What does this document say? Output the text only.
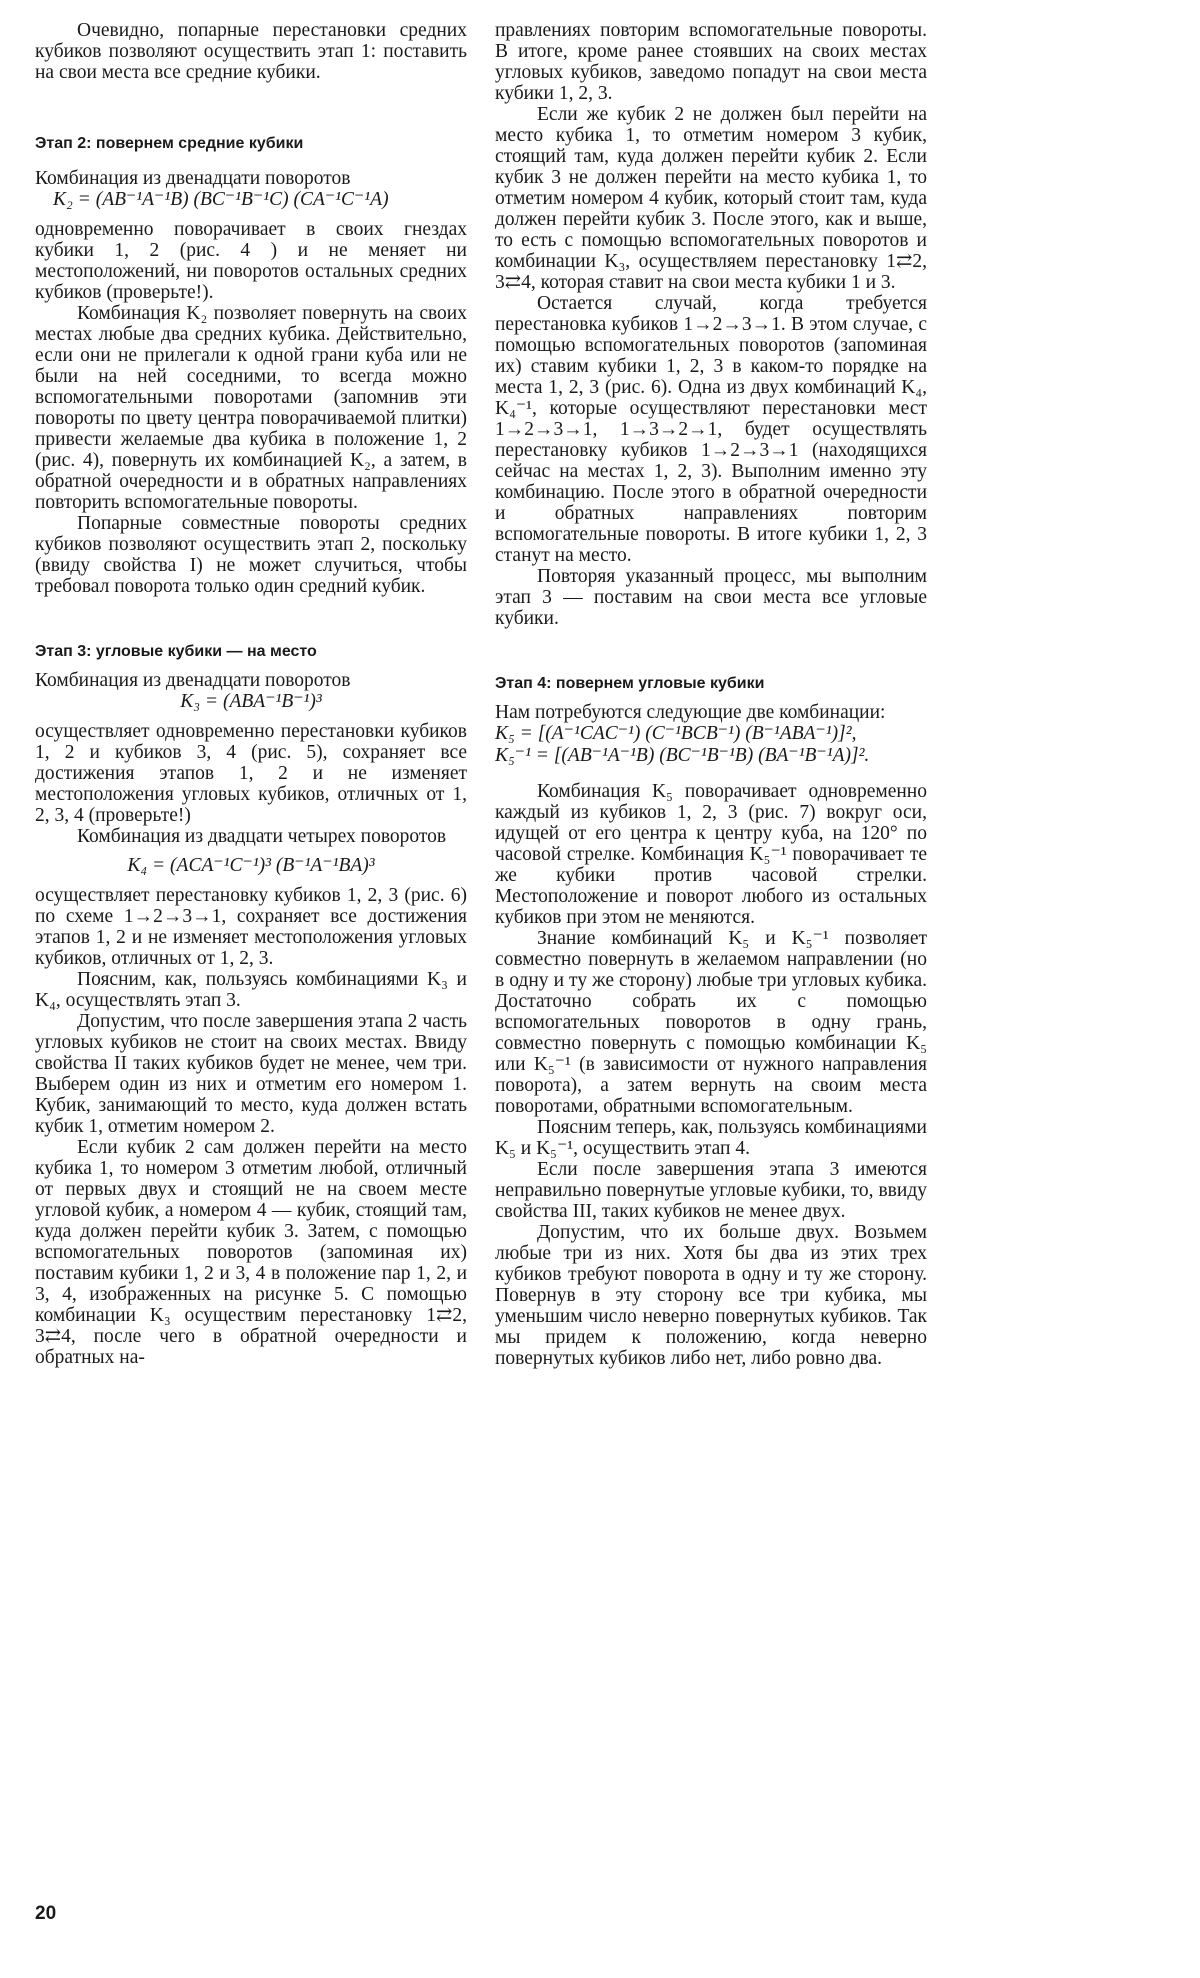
Очевидно, попарные перестановки средних кубиков позволяют осуществить этап 1: поставить на свои места все средние кубики.

Этап 2: повернем средние кубики

Комбинация из двенадцати поворотов

K₂ = (AB⁻¹A⁻¹B) (BC⁻¹B⁻¹C) (CA⁻¹C⁻¹A)

одновременно поворачивает в своих гнездах кубики 1, 2 (рис. 4 ) и не меняет ни местоположений, ни поворотов остальных средних кубиков (проверьте!).

Комбинация K₂ позволяет повернуть на своих местах любые два средних кубика. Действительно, если они не прилегали к одной грани куба или не были на ней соседними, то всегда можно вспомогательными поворотами (запомнив эти повороты по цвету центра поворачиваемой плитки) привести желаемые два кубика в положение 1, 2 (рис. 4), повернуть их комбинацией K₂, а затем, в обратной очередности и в обратных направлениях повторить вспомогательные повороты.

Попарные совместные повороты средних кубиков позволяют осуществить этап 2, поскольку (ввиду свойства I) не может случиться, чтобы требовал поворота только один средний кубик.

Этап 3: угловые кубики — на место

Комбинация из двенадцати поворотов

K₃ = (ABA⁻¹B⁻¹)³

осуществляет одновременно перестановки кубиков 1, 2 и кубиков 3, 4 (рис. 5), сохраняет все достижения этапов 1, 2 и не изменяет местоположения угловых кубиков, отличных от 1, 2, 3, 4 (проверьте!)

Комбинация из двадцати четырех поворотов

K₄ = (ACA⁻¹C⁻¹)³ (B⁻¹A⁻¹BA)³

осуществляет перестановку кубиков 1, 2, 3 (рис. 6) по схеме 1→2→3→1, сохраняет все достижения этапов 1, 2 и не изменяет местоположения угловых кубиков, отличных от 1, 2, 3.

Поясним, как, пользуясь комбинациями K₃ и K₄, осуществлять этап 3.

Допустим, что после завершения этапа 2 часть угловых кубиков не стоит на своих местах. Ввиду свойства II таких кубиков будет не менее, чем три. Выберем один из них и отметим его номером 1. Кубик, занимающий то место, куда должен встать кубик 1, отметим номером 2.

Если кубик 2 сам должен перейти на место кубика 1, то номером 3 отметим любой, отличный от первых двух и стоящий не на своем месте угловой кубик, а номером 4 — кубик, стоящий там, куда должен перейти кубик 3. Затем, с помощью вспомогательных поворотов (запоминая их) поставим кубики 1, 2 и 3, 4 в положение пар 1, 2, и 3, 4, изображенных на рисунке 5. С помощью комбинации K₃ осуществим перестановку 1⇄2, 3⇄4, после чего в обратной очередности и обратных на-

правлениях повторим вспомогательные повороты. В итоге, кроме ранее стоявших на своих местах угловых кубиков, заведомо попадут на свои места кубики 1, 2, 3.

Если же кубик 2 не должен был перейти на место кубика 1, то отметим номером 3 кубик, стоящий там, куда должен перейти кубик 2. Если кубик 3 не должен перейти на место кубика 1, то отметим номером 4 кубик, который стоит там, куда должен перейти кубик 3. После этого, как и выше, то есть с помощью вспомогательных поворотов и комбинации K₃, осуществляем перестановку 1⇄2, 3⇄4, которая ставит на свои места кубики 1 и 3.

Остается случай, когда требуется перестановка кубиков 1→2→3→1. В этом случае, с помощью вспомогательных поворотов (запоминая их) ставим кубики 1, 2, 3 в каком-то порядке на места 1, 2, 3 (рис. 6). Одна из двух комбинаций K₄, K₄⁻¹, которые осуществляют перестановки мест 1→2→3→1, 1→3→2→1, будет осуществлять перестановку кубиков 1→2→3→1 (находящихся сейчас на местах 1, 2, 3). Выполним именно эту комбинацию. После этого в обратной очередности и обратных направлениях повторим вспомогательные повороты. В итоге кубики 1, 2, 3 станут на место.

Повторяя указанный процесс, мы выполним этап 3 — поставим на свои места все угловые кубики.

Этап 4: повернем угловые кубики

Нам потребуются следующие две комбинации:

K₅ = [(A⁻¹CAC⁻¹) (C⁻¹BCB⁻¹) (B⁻¹ABA⁻¹)]²,
K₅⁻¹ = [(AB⁻¹A⁻¹B) (BC⁻¹B⁻¹B) (BA⁻¹B⁻¹A)]².

Комбинация K₅ поворачивает одновременно каждый из кубиков 1, 2, 3 (рис. 7) вокруг оси, идущей от его центра к центру куба, на 120° по часовой стрелке. Комбинация K₅⁻¹ поворачивает те же кубики против часовой стрелки. Местоположение и поворот любого из остальных кубиков при этом не меняются.

Знание комбинаций K₅ и K₅⁻¹ позволяет совместно повернуть в желаемом направлении (но в одну и ту же сторону) любые три угловых кубика. Достаточно собрать их с помощью вспомогательных поворотов в одну грань, совместно повернуть с помощью комбинации K₅ или K₅⁻¹ (в зависимости от нужного направления поворота), а затем вернуть на своим места поворотами, обратными вспомогательным.

Поясним теперь, как, пользуясь комбинациями K₅ и K₅⁻¹, осуществить этап 4.

Если после завершения этапа 3 имеются неправильно повернутые угловые кубики, то, ввиду свойства III, таких кубиков не менее двух.

Допустим, что их больше двух. Возьмем любые три из них. Хотя бы два из этих трех кубиков требуют поворота в одну и ту же сторону. Повернув в эту сторону все три кубика, мы уменьшим число неверно повернутых кубиков. Так мы придем к положению, когда неверно повернутых кубиков либо нет, либо ровно два.

20
